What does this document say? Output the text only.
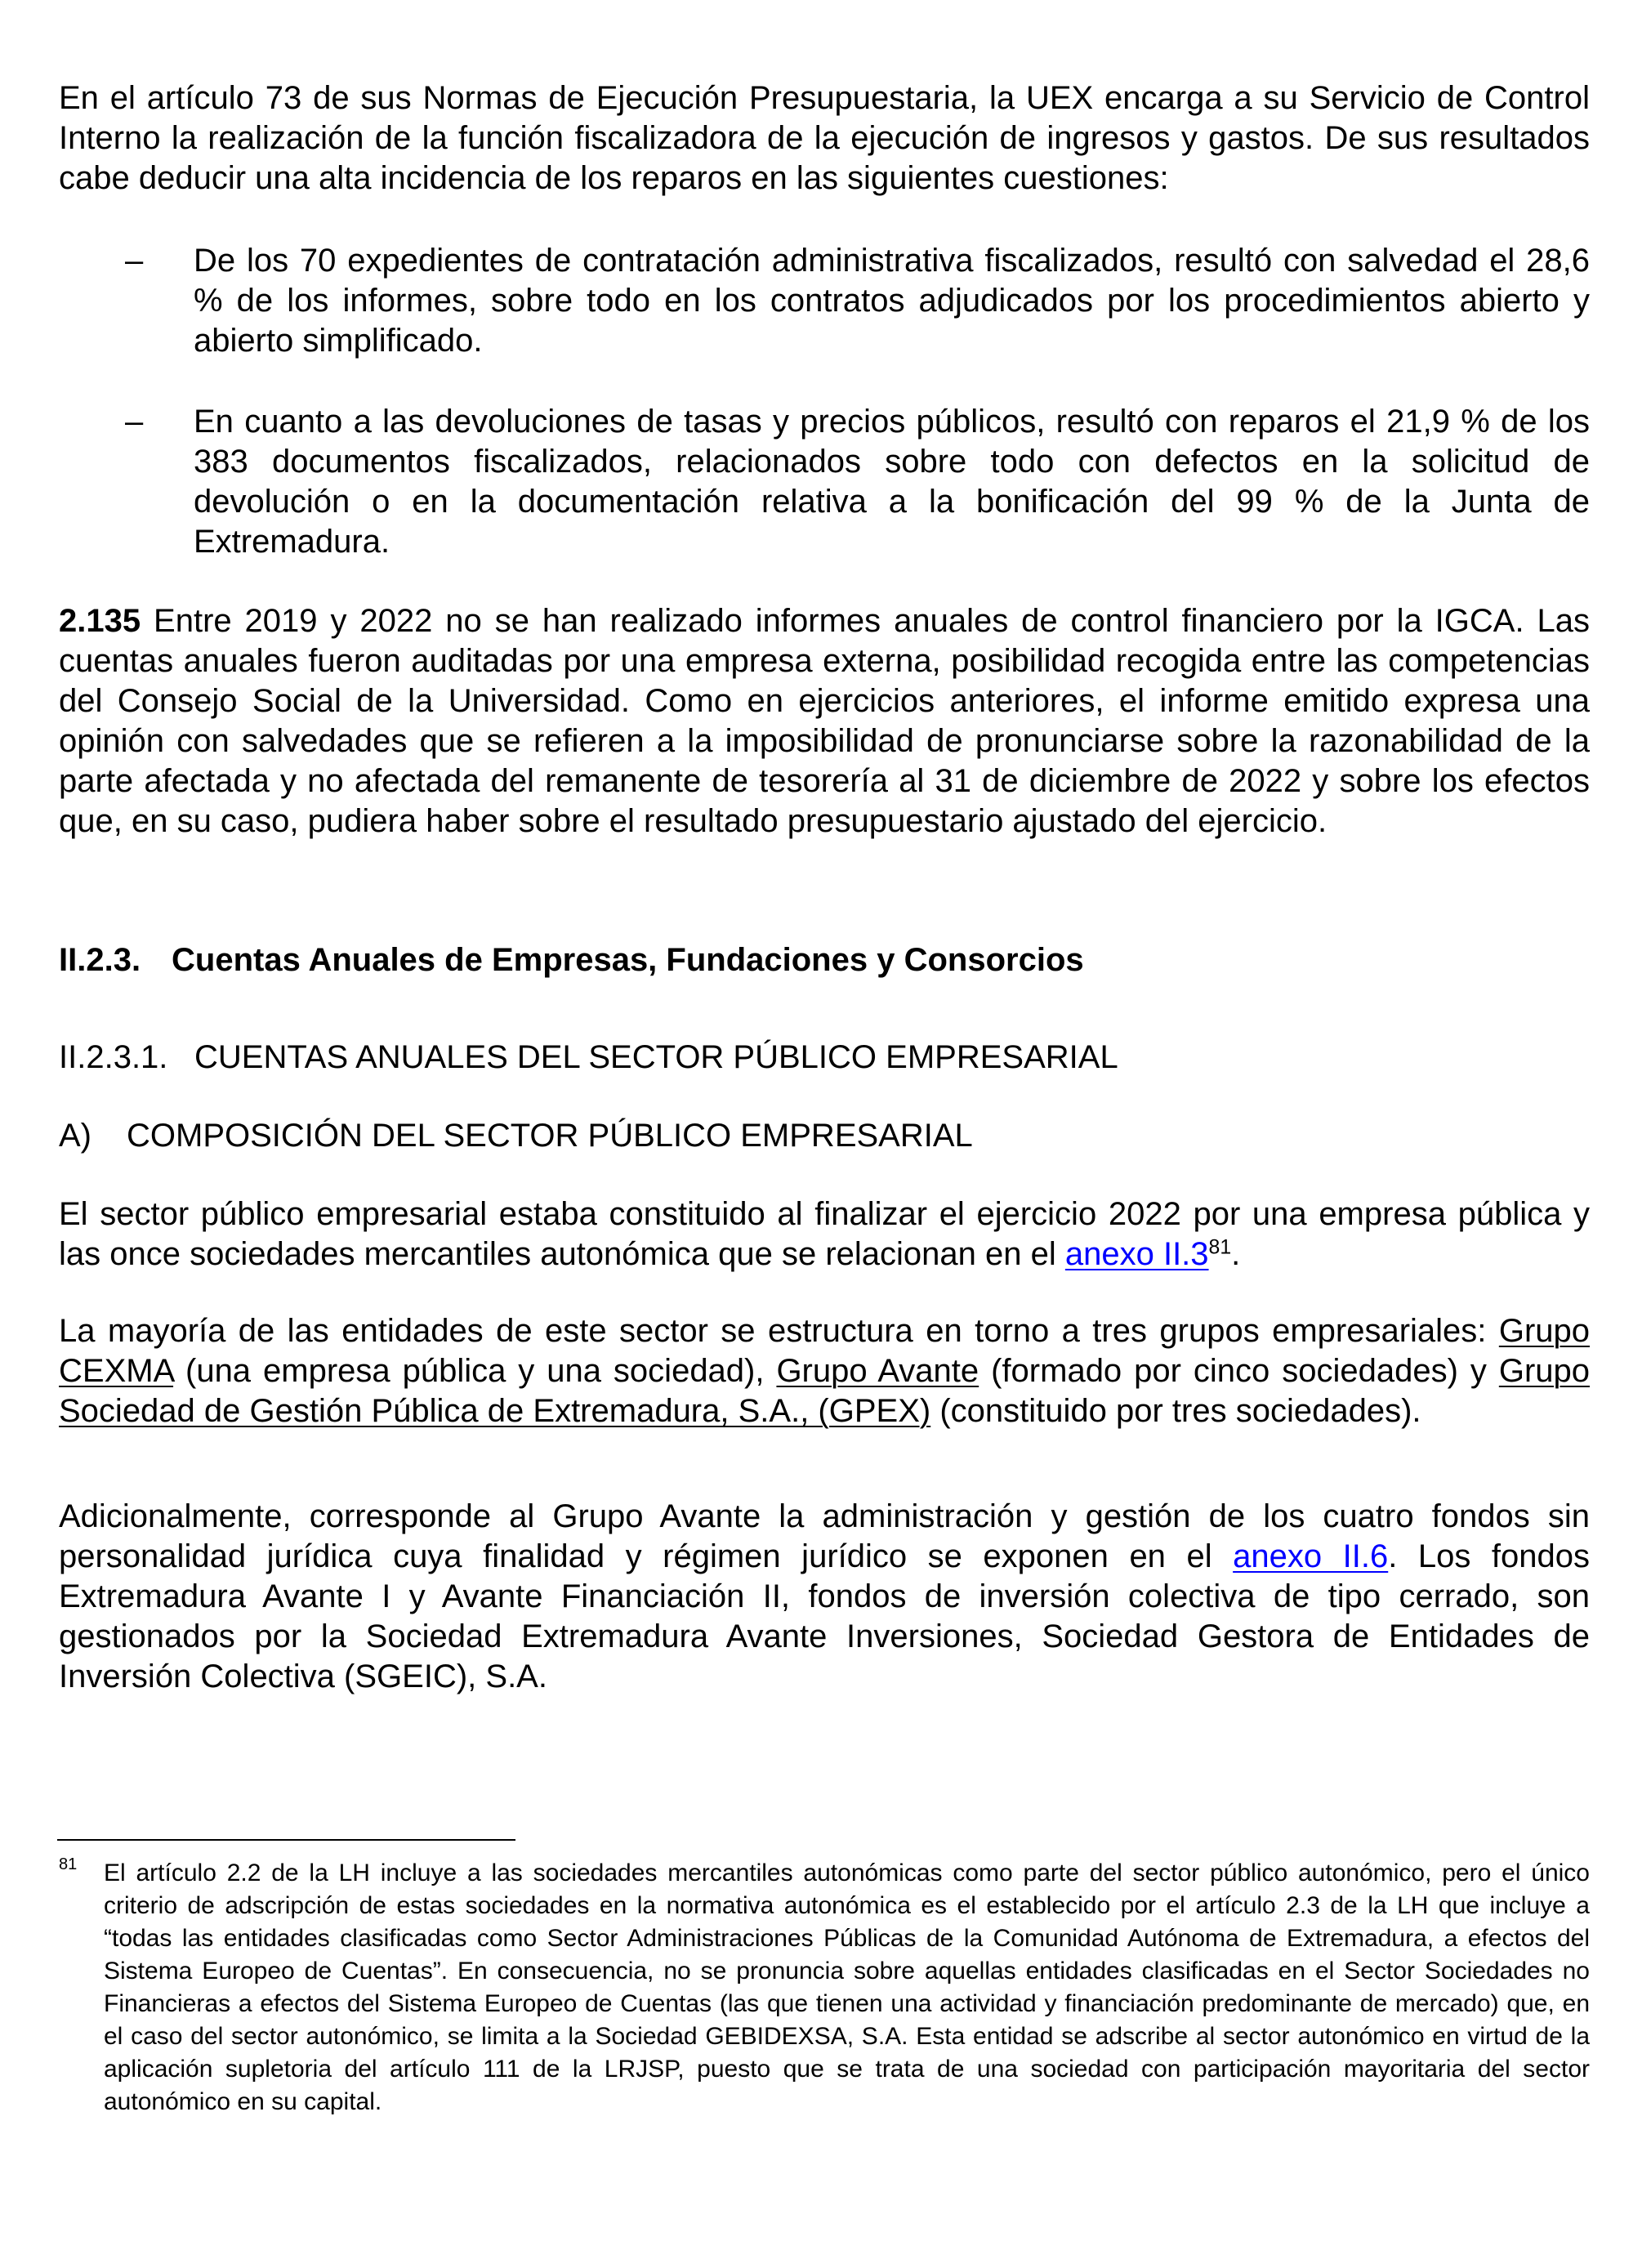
En el artículo 73 de sus Normas de Ejecución Presupuestaria, la UEX encarga a su Servicio de Control Interno la realización de la función fiscalizadora de la ejecución de ingresos y gastos. De sus resultados cabe deducir una alta incidencia de los reparos en las siguientes cuestiones:

– De los 70 expedientes de contratación administrativa fiscalizados, resultó con salvedad el 28,6 % de los informes, sobre todo en los contratos adjudicados por los procedimientos abierto y abierto simplificado.

– En cuanto a las devoluciones de tasas y precios públicos, resultó con reparos el 21,9 % de los 383 documentos fiscalizados, relacionados sobre todo con defectos en la solicitud de devolución o en la documentación relativa a la bonificación del 99 % de la Junta de Extremadura.

2.135 Entre 2019 y 2022 no se han realizado informes anuales de control financiero por la IGCA. Las cuentas anuales fueron auditadas por una empresa externa, posibilidad recogida entre las competencias del Consejo Social de la Universidad. Como en ejercicios anteriores, el informe emitido expresa una opinión con salvedades que se refieren a la imposibilidad de pronunciarse sobre la razonabilidad de la parte afectada y no afectada del remanente de tesorería al 31 de diciembre de 2022 y sobre los efectos que, en su caso, pudiera haber sobre el resultado presupuestario ajustado del ejercicio.

II.2.3. Cuentas Anuales de Empresas, Fundaciones y Consorcios
II.2.3.1. CUENTAS ANUALES DEL SECTOR PÚBLICO EMPRESARIAL
A) COMPOSICIÓN DEL SECTOR PÚBLICO EMPRESARIAL

El sector público empresarial estaba constituido al finalizar el ejercicio 2022 por una empresa pública y las once sociedades mercantiles autonómica que se relacionan en el anexo $II.3^{81}$.

La mayoría de las entidades de este sector se estructura en torno a tres grupos empresariales: Grupo CEXMA (una empresa pública y una sociedad), Grupo Avante (formado por cinco sociedades) y Grupo Sociedad de Gestión Pública de Extremadura, S.A., (GPEX) (constituido por tres sociedades).

Adicionalmente, corresponde al Grupo Avante la administración y gestión de los cuatro fondos sin personalidad jurídica cuya finalidad y régimen jurídico se exponen en el anexo II.6. Los fondos Extremadura Avante I y Avante Financiación II, fondos de inversión colectiva de tipo cerrado, son gestionados por la Sociedad Extremadura Avante Inversiones, Sociedad Gestora de Entidades de Inversión Colectiva (SGEIC), S.A.

81 El artículo 2.2 de la LH incluye a las sociedades mercantiles autonómicas como parte del sector público autonómico, pero el único criterio de adscripción de estas sociedades en la normativa autonómica es el establecido por el artículo 2.3 de la LH que incluye a “todas las entidades clasificadas como Sector Administraciones Públicas de la Comunidad Autónoma de Extremadura, a efectos del Sistema Europeo de Cuentas”. En consecuencia, no se pronuncia sobre aquellas entidades clasificadas en el Sector Sociedades no Financieras a efectos del Sistema Europeo de Cuentas (las que tienen una actividad y financiación predominante de mercado) que, en el caso del sector autonómico, se limita a la Sociedad GEBIDEXSA, S.A. Esta entidad se adscribe al sector autonómico en virtud de la aplicación supletoria del artículo 111 de la LRJSP, puesto que se trata de una sociedad con participación mayoritaria del sector autonómico en su capital.
